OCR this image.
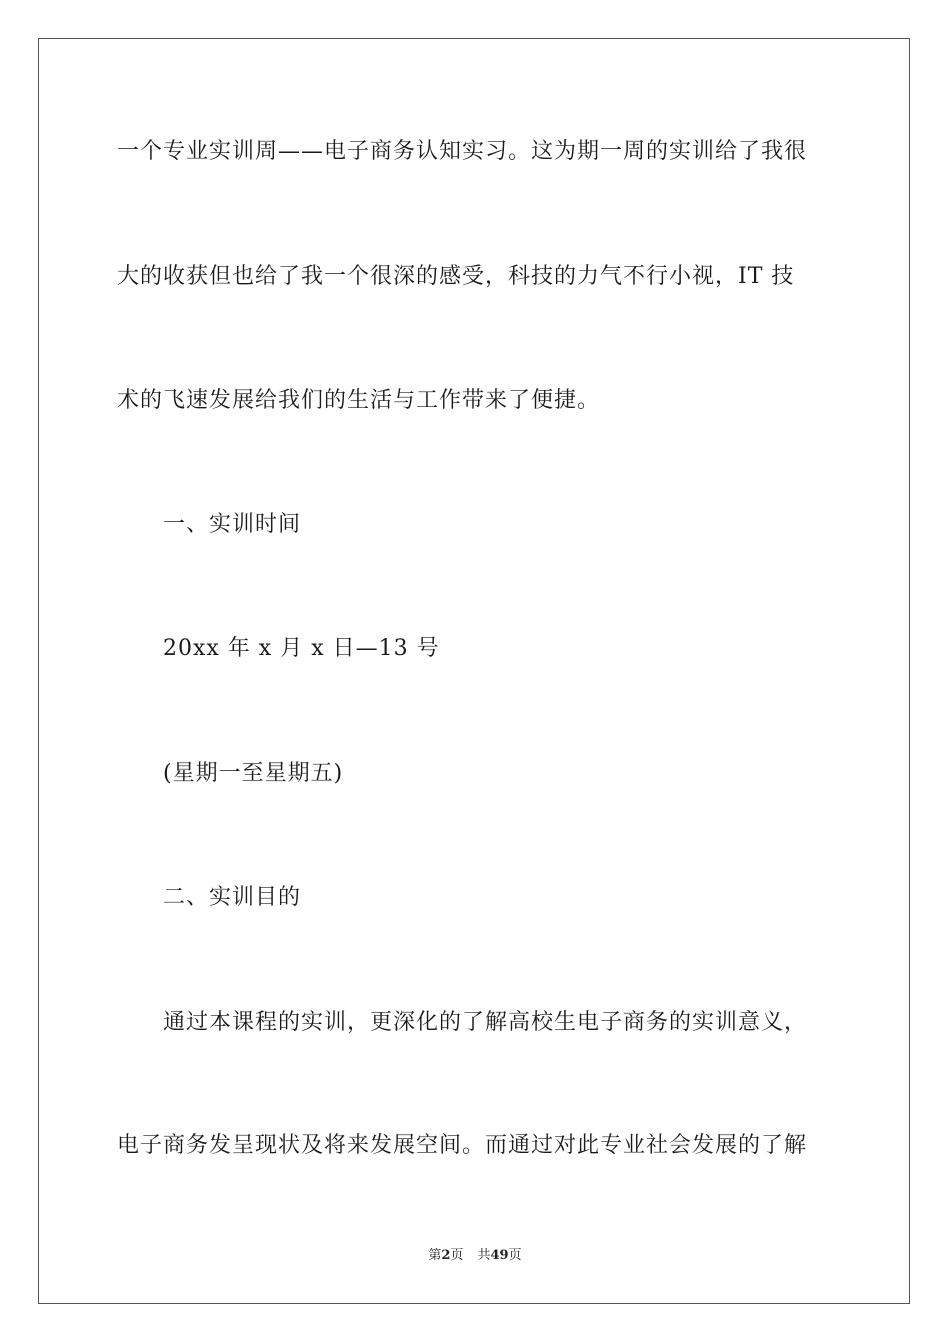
一个专业实训周——电子商务认知实习。这为期一周的实训给了我很
大的收获但也给了我一个很深的感受，科技的力气不行小视，IT 技
术的飞速发展给我们的生活与工作带来了便捷。
一、实训时间
20xx 年 x 月 x 日—13 号
(星期一至星期五)
二、实训目的
通过本课程的实训，更深化的了解高校生电子商务的实训意义，
电子商务发呈现状及将来发展空间。而通过对此专业社会发展的了解
第2页 共49页
